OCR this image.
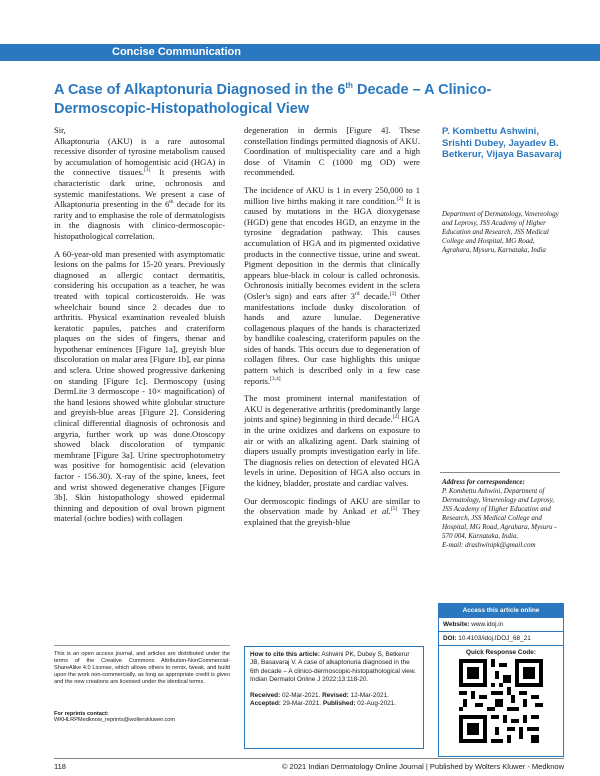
Concise Communication
A Case of Alkaptonuria Diagnosed in the 6th Decade – A Clinico-Dermoscopic-Histopathological View

Sir,

Alkaptonuria (AKU) is a rare autosomal recessive disorder of tyrosine metabolism caused by accumulation of homogentisic acid (HGA) in the connective tissues.[1] It presents with characteristic dark urine, ochronosis and systemic manifestations. We present a case of Alkaptonuria presenting in the 6th decade for its rarity and to emphasise the role of dermatologists in the diagnosis with clinico-dermoscopic-histopathological correlation.

A 60-year-old man presented with asymptomatic lesions on the palms for 15-20 years. Previously diagnosed as allergic contact dermatitis, considering his occupation as a teacher, he was treated with topical corticosteroids. He was wheelchair bound since 2 decades due to arthritis. Physical examination revealed bluish keratotic papules, patches and crateriform plaques on the sides of fingers, thenar and hypothenar eminences [Figure 1a], greyish blue discoloration on malar area [Figure 1b], ear pinna and sclera. Urine showed progressive darkening on standing [Figure 1c]. Dermoscopy (using DermLite 3 dermoscope - 10× magnification) of the hand lesions showed white globular structure and greyish-blue areas [Figure 2]. Considering clinical differential diagnosis of ochronosis and argyria, further work up was done.Otoscopy showed black discoloration of tympanic membrane [Figure 3a]. Urine spectrophotometry was positive for homogentisic acid (elevation factor - 156.30). X-ray of the spine, knees, feet and wrist showed degenerative changes [Figure 3b]. Skin histopathology showed epidermal thinning and deposition of oval brown pigment material (ochre bodies) with collagen

degeneration in dermis [Figure 4]. These constellation findings permitted diagnosis of AKU. Coordination of multispeciality care and a high dose of Vitamin C (1000 mg OD) were recommended.

The incidence of AKU is 1 in every 250,000 to 1 million live births making it rare condition.[2] It is caused by mutations in the HGA dioxygenase (HGD) gene that encodes HGD, an enzyme in the tyrosine degradation pathway. This causes accumulation of HGA and its pigmented oxidative products in the connective tissue, urine and sweat. Pigment deposition in the dermis that clinically appears blue-black in colour is called ochronosis. Ochronosis initially becomes evident in the sclera (Osler's sign) and ears after 3rd decade.[3] Other manifestations include dusky discoloration of hands and azure lunulae. Degenerative collagenous plaques of the hands is characterized by bandlike coalescing, crateriform papules on the sides of hands. This occurs due to degeneration of collagen fibres. Our case highlights this unique pattern which is described only in a few case reports.[3,4]

The most prominent internal manifestation of AKU is degenerative arthritis (predominantly large joints and spine) beginning in third decade.[2] HGA in the urine oxidizes and darkens on exposure to air or with an alkalizing agent. Dark staining of diapers usually prompts investigation early in life. The diagnosis relies on detection of elevated HGA levels in urine. Deposition of HGA also occurs in the kidney, bladder, prostate and cardiac valves.

Our dermoscopic findings of AKU are similar to the observation made by Ankad et al.[5] They explained that the greyish-blue

P. Kombettu Ashwini, Srishti Dubey, Jayadev B. Betkerur, Vijaya Basavaraj
Department of Dermatology, Venereology and Leprosy, JSS Academy of Higher Education and Research, JSS Medical College and Hospital, MG Road, Agrahara, Mysuru, Karnataka, India
Address for correspondence:
P. Kombettu Ashwini, Department of Dermatology, Venereology and Leprosy, JSS Academy of Higher Education and Research, JSS Medical College and Hospital, MG Road, Agrahara, Mysuru - 570 004, Karnataka, India.
E-mail: drashwinipk@gmail.com
Access this article online
Website: www.idoj.in
DOI: 10.4103/idoj.IDOJ_68_21
Quick Response Code:
How to cite this article: Ashwini PK, Dubey S, Betkerur JB, Basavaraj V. A case of alkaptonuria diagnosed in the 6th decade – A clinico-dermoscopic-histopathological view. Indian Dermatol Online J 2022;13:118-20.
Received: 02-Mar-2021. Revised: 12-Mar-2021.
Accepted: 29-Mar-2021. Published: 02-Aug-2021.
This is an open access journal, and articles are distributed under the terms of the Creative Commons Attribution-NonCommercial-ShareAlike 4.0 License, which allows others to remix, tweak, and build upon the work non-commercially, as long as appropriate credit is given and the new creations are licensed under the identical terms.
For reprints contact: WKHLRPMedknow_reprints@wolterskluwer.com
118	© 2021 Indian Dermatology Online Journal | Published by Wolters Kluwer - Medknow
